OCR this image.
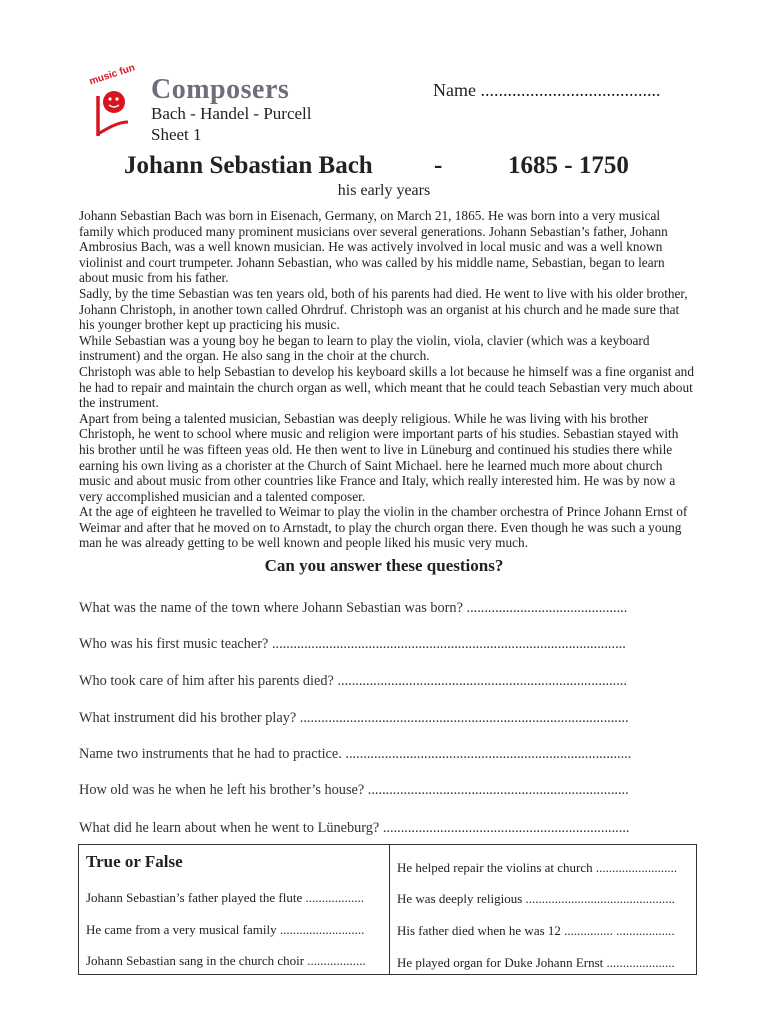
music fun Composers
Bach - Handel - Purcell
Sheet 1
Name ........................................
Johann Sebastian Bach -	1685 - 1750
his early years

Johann Sebastian Bach was born in Eisenach, Germany, on March 21, 1865. He was born into a very musical family which produced many prominent musicians over several generations. Johann Sebastian’s father, Johann Ambrosius Bach, was a well known musician. He was actively involved in local music and was a well known violinist and court trumpeter. Johann Sebastian, who was called by his middle name, Sebastian, began to learn about music from his father.

Sadly, by the time Sebastian was ten years old, both of his parents had died. He went to live with his older brother, Johann Christoph, in another town called Ohrdruf. Christoph was an organist at his church and he made sure that his younger brother kept up practicing his music.

While Sebastian was a young boy he began to learn to play the violin, viola, clavier (which was a keyboard instrument) and the organ. He also sang in the choir at the church.

Christoph was able to help Sebastian to develop his keyboard skills a lot because he himself was a fine organist and he had to repair and maintain the church organ as well, which meant that he could teach Sebastian very much about the instrument.

Apart from being a talented musician, Sebastian was deeply religious. While he was living with his brother Christoph, he went to school where music and religion were important parts of his studies. Sebastian stayed with his brother until he was fifteen yeas old. He then went to live in Lüneburg and continued his studies there while earning his own living as a chorister at the Church of Saint Michael. here he learned much more about church music and about music from other countries like France and Italy, which really interested him. He was by now a very accomplished musician and a talented composer.

At the age of eighteen he travelled to Weimar to play the violin in the chamber orchestra of Prince Johann Ernst of Weimar and after that he moved on to Arnstadt, to play the church organ there. Even though he was such a young man he was already getting to be well known and people liked his music very much.

Can you answer these questions?
What was the name of the town where Johann Sebastian was born? .............................................
Who was his first music teacher? ...................................................................................................
Who took care of him after his parents died? .................................................................................
What instrument did his brother play? ............................................................................................
Name two instruments that he had to practice. ................................................................................
How old was he when he left his brother’s house? .........................................................................
What did he learn about when he went to Lüneburg? .....................................................................
True or False
Johann Sebastian’s father played the flute ..................
He came from a very musical family ..........................
Johann Sebastian sang in the church choir ..................
He helped repair the violins at church .........................
He was deeply religious ..............................................
His father died when he was 12 ............... ..................
He played organ for Duke Johann Ernst .....................
